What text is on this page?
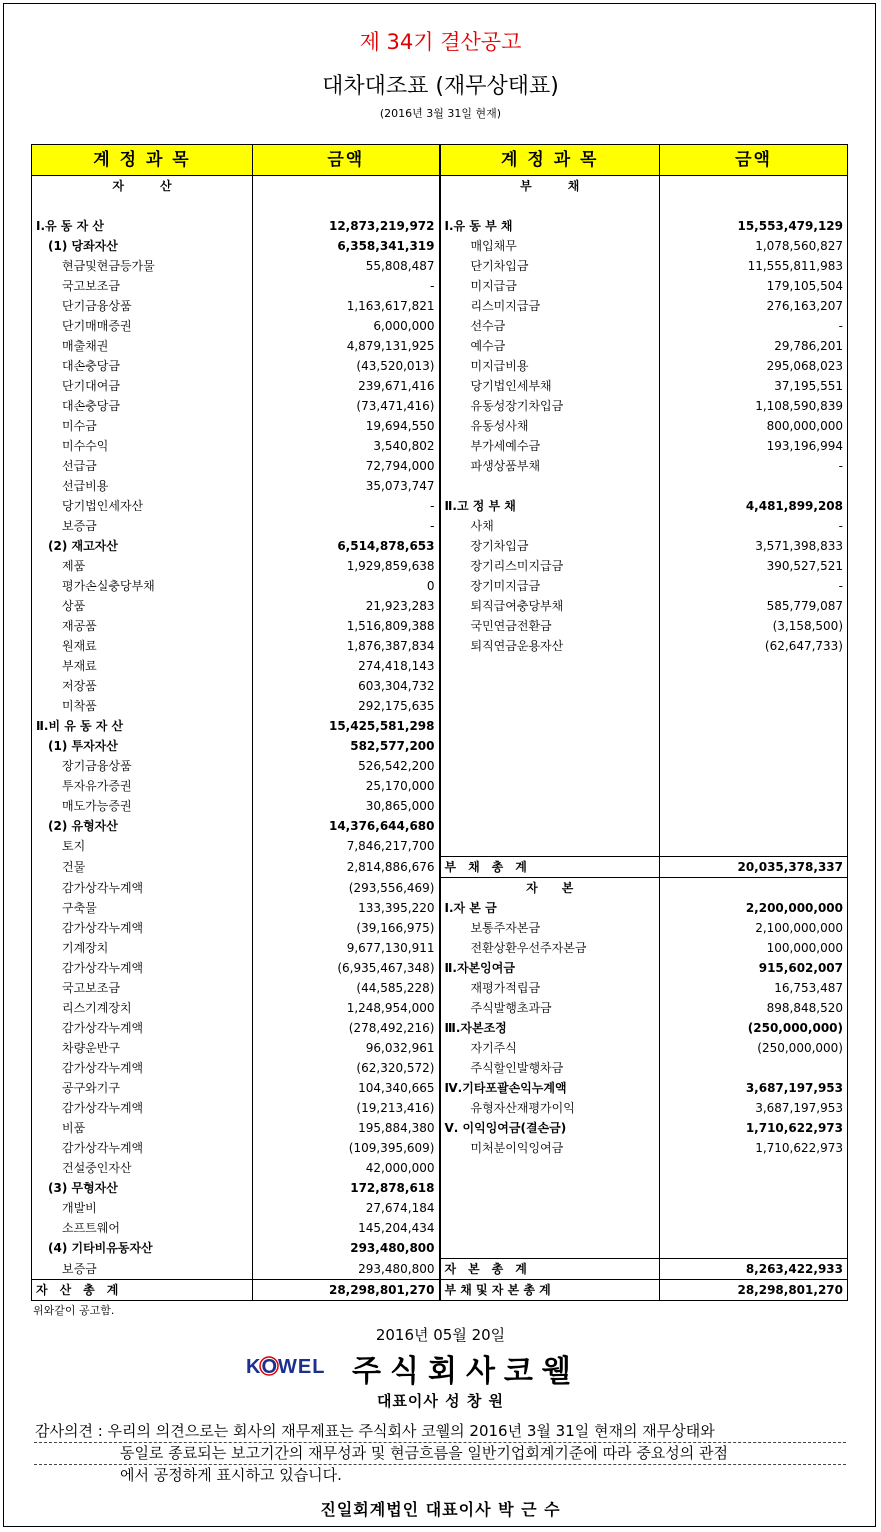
제 34기 결산공고
대차대조표 (재무상태표)
(2016년 3월 31일 현재)
계 정 과 목	금액	계 정 과 목	금액
자　　　산		부　　　채	

Ⅰ.유 동 자 산	12,873,219,972	Ⅰ.유 동 부 채	15,553,479,129
(1) 당좌자산	6,358,341,319	매입채무	1,078,560,827
현금및현금등가물	55,808,487	단기차입금	11,555,811,983
국고보조금	-	미지급금	179,105,504
단기금융상품	1,163,617,821	리스미지급금	276,163,207
단기매매증권	6,000,000	선수금	-
매출채권	4,879,131,925	예수금	29,786,201
대손충당금	(43,520,013)	미지급비용	295,068,023
단기대여금	239,671,416	당기법인세부채	37,195,551
대손충당금	(73,471,416)	유동성장기차입금	1,108,590,839
미수금	19,694,550	유동성사채	800,000,000
미수수익	3,540,802	부가세예수금	193,196,994
선급금	72,794,000	파생상품부채	-
선급비용	35,073,747		
당기법인세자산	-	Ⅱ.고 정 부 채	4,481,899,208
보증금	-	사채	-
(2) 재고자산	6,514,878,653	장기차입금	3,571,398,833
제품	1,929,859,638	장기리스미지급금	390,527,521
평가손실충당부채	0	장기미지급금	-
상품	21,923,283	퇴직급여충당부채	585,779,087
재공품	1,516,809,388	국민연금전환금	(3,158,500)
원재료	1,876,387,834	퇴직연금운용자산	(62,647,733)
부재료	274,418,143		
저장품	603,304,732		
미착품	292,175,635		
Ⅱ.비 유 동 자 산	15,425,581,298		
(1) 투자자산	582,577,200		
장기금융상품	526,542,200		
투자유가증권	25,170,000		
매도가능증권	30,865,000		
(2) 유형자산	14,376,644,680		
토지	7,846,217,700		
건물	2,814,886,676	부　채　총　계	20,035,378,337
감가상각누계액	(293,556,469)	자　　본	
구축물	133,395,220	Ⅰ.자 본 금	2,200,000,000
감가상각누계액	(39,166,975)	보통주자본금	2,100,000,000
기계장치	9,677,130,911	전환상환우선주자본금	100,000,000
감가상각누계액	(6,935,467,348)	Ⅱ.자본잉여금	915,602,007
국고보조금	(44,585,228)	재평가적립금	16,753,487
리스기계장치	1,248,954,000	주식발행초과금	898,848,520
감가상각누계액	(278,492,216)	Ⅲ.자본조정	(250,000,000)
차량운반구	96,032,961	자기주식	(250,000,000)
감가상각누계액	(62,320,572)	주식할인발행차금	
공구와기구	104,340,665	Ⅳ.기타포괄손익누계액	3,687,197,953
감가상각누계액	(19,213,416)	유형자산재평가이익	3,687,197,953
비품	195,884,380	Ⅴ. 이익잉여금(결손금)	1,710,622,973
감가상각누계액	(109,395,609)	미처분이익잉여금	1,710,622,973
건설중인자산	42,000,000		
(3) 무형자산	172,878,618		
개발비	27,674,184		
소프트웨어	145,204,434		
(4) 기타비유동자산	293,480,800		
보증금	293,480,800	자　본　총　계	8,263,422,933
자　산　총　계	28,298,801,270	부 채 및 자 본 총 계	28,298,801,270
위와같이 공고함.
2016년 05월 20일
KOWEL 주식회사코웰
대표이사 성 창 원
감사의견 : 우리의 의견으로는 회사의 재무제표는 주식회사 코웰의 2016년 3월 31일 현재의 재무상태와
동일로 종료되는 보고기간의 재무성과 및 현금흐름을 일반기업회계기준에 따라 중요성의 관점
에서 공정하게 표시하고 있습니다.
진일회계법인 대표이사 박 근 수
